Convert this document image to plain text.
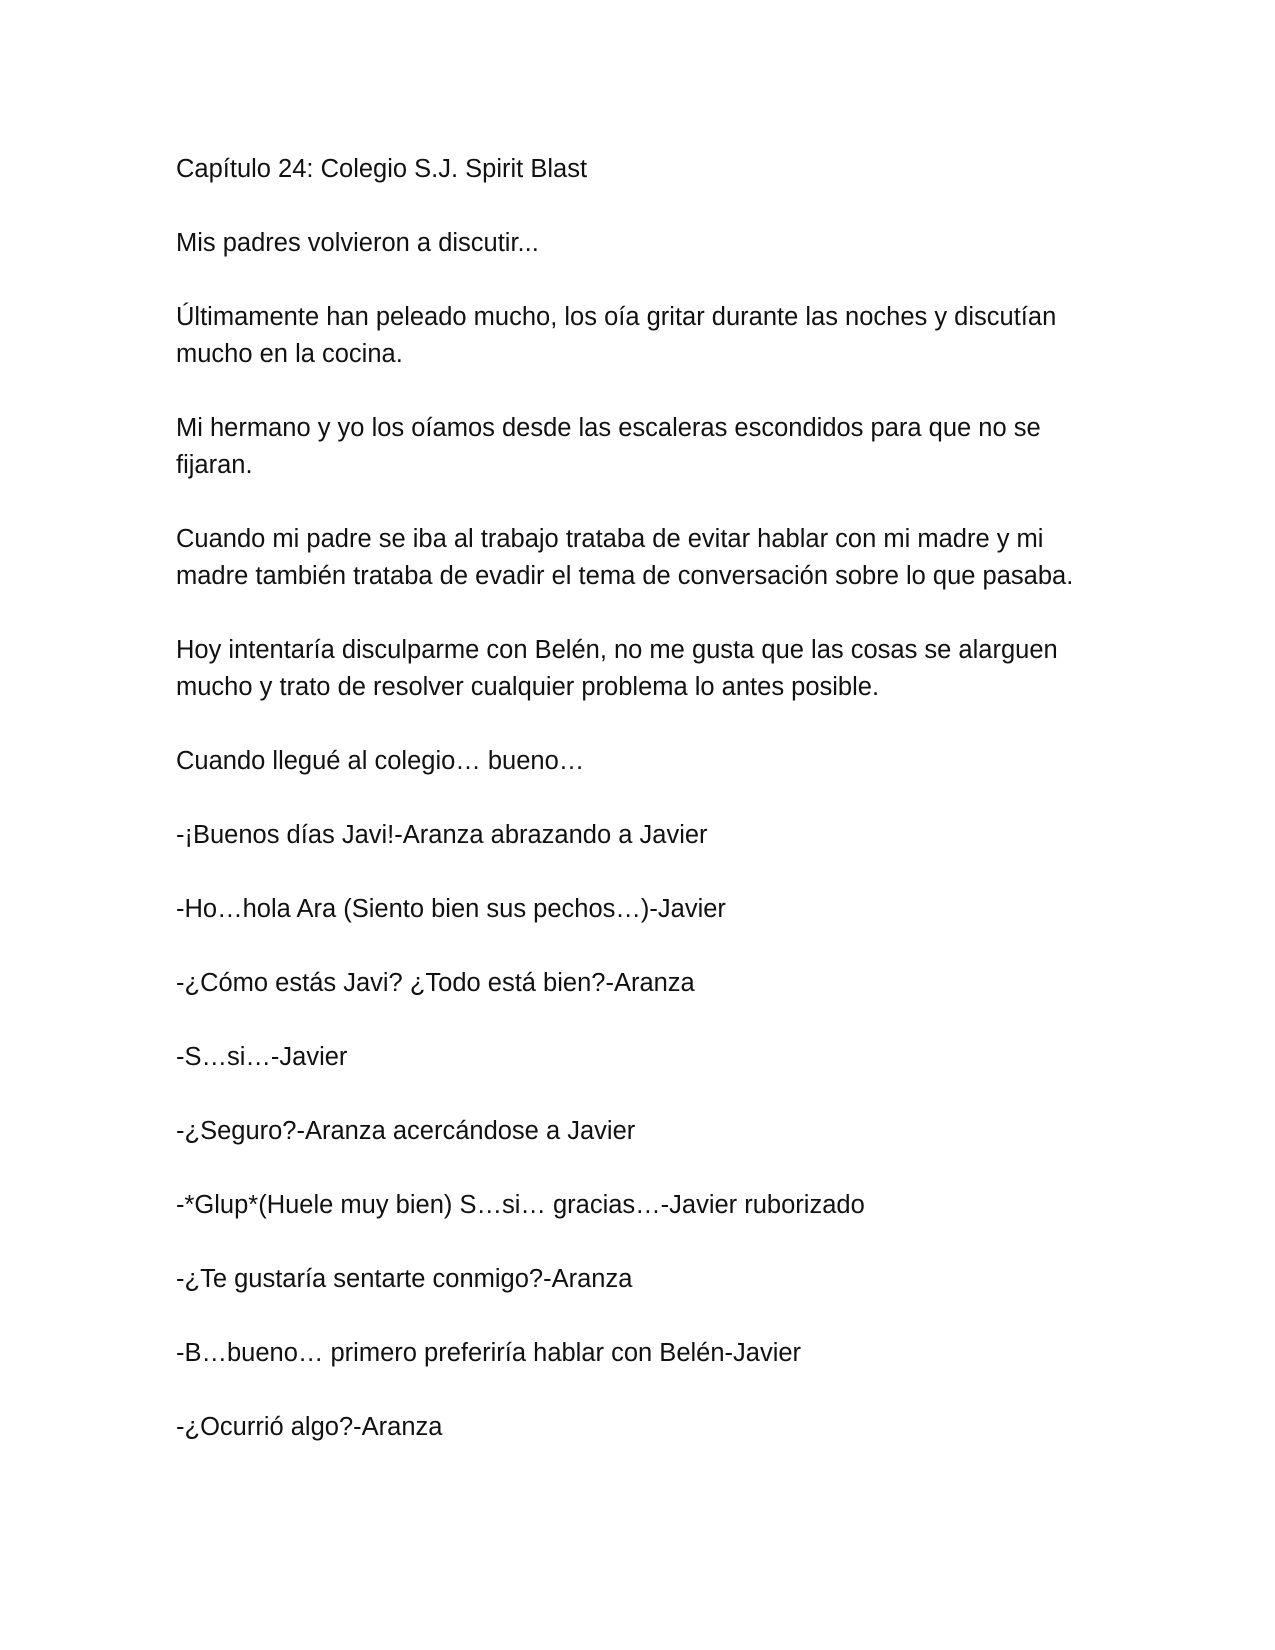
Capítulo 24: Colegio S.J. Spirit Blast

Mis padres volvieron a discutir...

Últimamente han peleado mucho, los oía gritar durante las noches y discutían mucho en la cocina.

Mi hermano y yo los oíamos desde las escaleras escondidos para que no se fijaran.

Cuando mi padre se iba al trabajo trataba de evitar hablar con mi madre y mi madre también trataba de evadir el tema de conversación sobre lo que pasaba.

Hoy intentaría disculparme con Belén, no me gusta que las cosas se alarguen mucho y trato de resolver cualquier problema lo antes posible.

Cuando llegué al colegio… bueno…

-¡Buenos días Javi!-Aranza abrazando a Javier

-Ho…hola Ara (Siento bien sus pechos…)-Javier

-¿Cómo estás Javi? ¿Todo está bien?-Aranza

-S…si…-Javier

-¿Seguro?-Aranza acercándose a Javier

-*Glup*(Huele muy bien) S…si… gracias…-Javier ruborizado

-¿Te gustaría sentarte conmigo?-Aranza

-B…bueno… primero preferiría hablar con Belén-Javier

-¿Ocurrió algo?-Aranza
